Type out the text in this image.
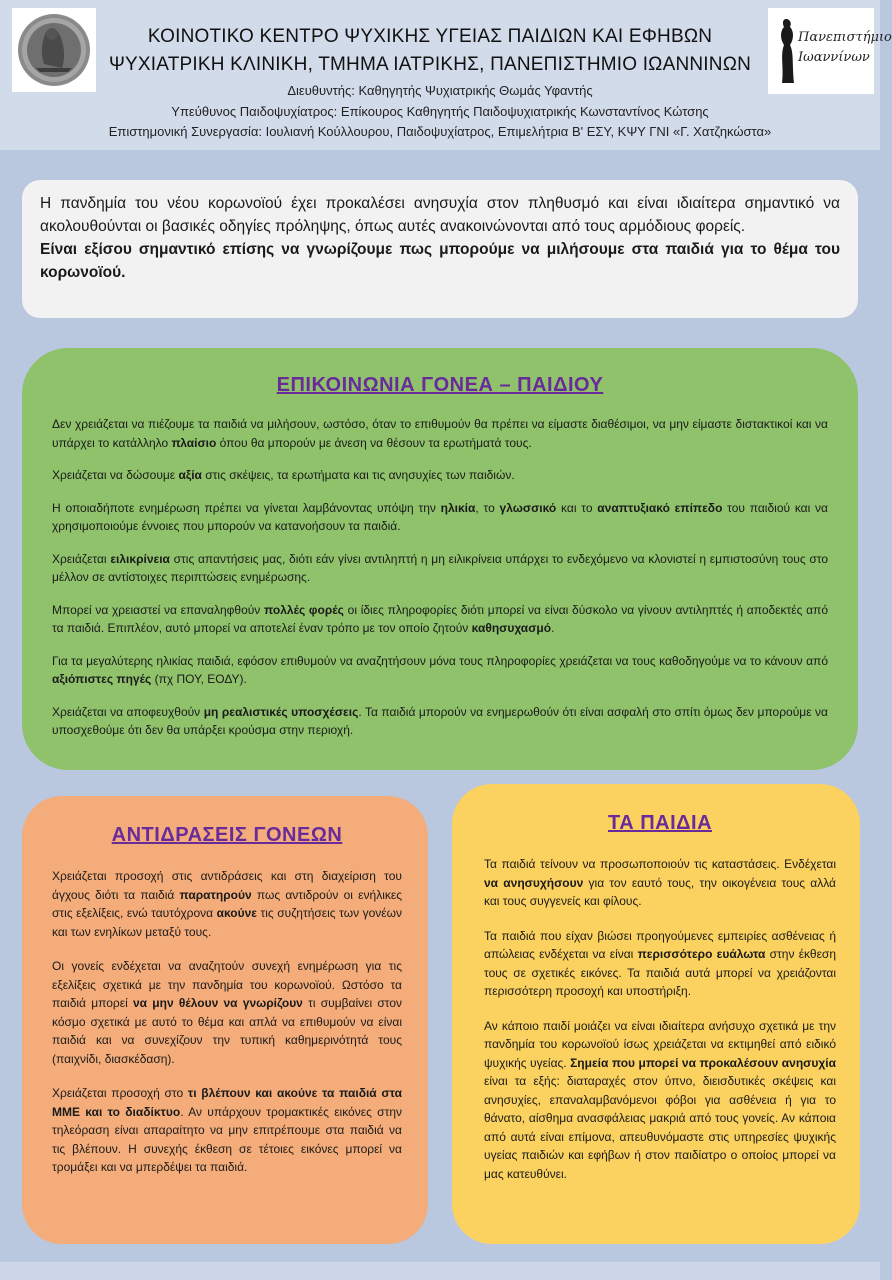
ΚΟΙΝΟΤΙΚΟ ΚΕΝΤΡΟ ΨΥΧΙΚΗΣ ΥΓΕΙΑΣ ΠΑΙΔΙΩΝ ΚΑΙ ΕΦΗΒΩΝ
ΨΥΧΙΑΤΡΙΚΗ ΚΛΙΝΙΚΗ, ΤΜΗΜΑ ΙΑΤΡΙΚΗΣ, ΠΑΝΕΠΙΣΤΗΜΙΟ ΙΩΑΝΝΙΝΩΝ
Διευθυντής: Καθηγητής Ψυχιατρικής Θωμάς Υφαντής
Υπεύθυνος Παιδοψυχίατρος: Επίκουρος Καθηγητής Παιδοψυχιατρικής Κωνσταντίνος Κώτσης
Επιστημονική Συνεργασία: Ιουλιανή Κούλλουρου, Παιδοψυχίατρος, Επιμελήτρια Β' ΕΣΥ, ΚΨΥ ΓΝΙ «Γ. Χατζηκώστα»
Πανεπιστήμιο
Ιωαννίνων

Η πανδημία του νέου κορωνοϊού έχει προκαλέσει ανησυχία στον πληθυσμό και είναι ιδιαίτερα σημαντικό να ακολουθούνται οι βασικές οδηγίες πρόληψης, όπως αυτές ανακοινώνονται από τους αρμόδιους φορείς.

Είναι εξίσου σημαντικό επίσης να γνωρίζουμε πως μπορούμε να μιλήσουμε στα παιδιά για το θέμα του κορωνοϊού.

ΕΠΙΚΟΙΝΩΝΙΑ ΓΟΝΕΑ – ΠΑΙΔΙΟΥ

Δεν χρειάζεται να πιέζουμε τα παιδιά να μιλήσουν, ωστόσο, όταν το επιθυμούν θα πρέπει να είμαστε διαθέσιμοι, να μην είμαστε διστακτικοί και να υπάρχει το κατάλληλο πλαίσιο όπου θα μπορούν με άνεση να θέσουν τα ερωτήματά τους.

Χρειάζεται να δώσουμε αξία στις σκέψεις, τα ερωτήματα και τις ανησυχίες των παιδιών.

Η οποιαδήποτε ενημέρωση πρέπει να γίνεται λαμβάνοντας υπόψη την ηλικία, το γλωσσικό και το αναπτυξιακό επίπεδο του παιδιού και να χρησιμοποιούμε έννοιες που μπορούν να κατανοήσουν τα παιδιά.

Χρειάζεται ειλικρίνεια στις απαντήσεις μας, διότι εάν γίνει αντιληπτή η μη ειλικρίνεια υπάρχει το ενδεχόμενο να κλονιστεί η εμπιστοσύνη τους στο μέλλον σε αντίστοιχες περιπτώσεις ενημέρωσης.

Μπορεί να χρειαστεί να επαναληφθούν πολλές φορές οι ίδιες πληροφορίες διότι μπορεί να είναι δύσκολο να γίνουν αντιληπτές ή αποδεκτές από τα παιδιά. Επιπλέον, αυτό μπορεί να αποτελεί έναν τρόπο με τον οποίο ζητούν καθησυχασμό.

Για τα μεγαλύτερης ηλικίας παιδιά, εφόσον επιθυμούν να αναζητήσουν μόνα τους πληροφορίες χρειάζεται να τους καθοδηγούμε να το κάνουν από αξιόπιστες πηγές (πχ ΠΟΥ, ΕΟΔΥ).

Χρειάζεται να αποφευχθούν μη ρεαλιστικές υποσχέσεις. Τα παιδιά μπορούν να ενημερωθούν ότι είναι ασφαλή στο σπίτι όμως δεν μπορούμε να υποσχεθούμε ότι δεν θα υπάρξει κρούσμα στην περιοχή.

ΑΝΤΙΔΡΑΣΕΙΣ ΓΟΝΕΩΝ

Χρειάζεται προσοχή στις αντιδράσεις και στη διαχείριση του άγχους διότι τα παιδιά παρατηρούν πως αντιδρούν οι ενήλικες στις εξελίξεις, ενώ ταυτόχρονα ακούνε τις συζητήσεις των γονέων και των ενηλίκων μεταξύ τους.

Οι γονείς ενδέχεται να αναζητούν συνεχή ενημέρωση για τις εξελίξεις σχετικά με την πανδημία του κορωνοϊού. Ωστόσο τα παιδιά μπορεί να μην θέλουν να γνωρίζουν τι συμβαίνει στον κόσμο σχετικά με αυτό το θέμα και απλά να επιθυμούν να είναι παιδιά και να συνεχίζουν την τυπική καθημερινότητά τους (παιχνίδι, διασκέδαση).

Χρειάζεται προσοχή στο τι βλέπουν και ακούνε τα παιδιά στα ΜΜΕ και το διαδίκτυο. Αν υπάρχουν τρομακτικές εικόνες στην τηλεόραση είναι απαραίτητο να μην επιτρέπουμε στα παιδιά να τις βλέπουν. Η συνεχής έκθεση σε τέτοιες εικόνες μπορεί να τρομάξει και να μπερδέψει τα παιδιά.

ΤΑ ΠΑΙΔΙΑ

Τα παιδιά τείνουν να προσωποποιούν τις καταστάσεις. Ενδέχεται να ανησυχήσουν για τον εαυτό τους, την οικογένεια τους αλλά και τους συγγενείς και φίλους.

Τα παιδιά που είχαν βιώσει προηγούμενες εμπειρίες ασθένειας ή απώλειας ενδέχεται να είναι περισσότερο ευάλωτα στην έκθεση τους σε σχετικές εικόνες. Τα παιδιά αυτά μπορεί να χρειάζονται περισσότερη προσοχή και υποστήριξη.

Αν κάποιο παιδί μοιάζει να είναι ιδιαίτερα ανήσυχο σχετικά με την πανδημία του κορωνοϊού ίσως χρειάζεται να εκτιμηθεί από ειδικό ψυχικής υγείας. Σημεία που μπορεί να προκαλέσουν ανησυχία είναι τα εξής: διαταραχές στον ύπνο, διεισδυτικές σκέψεις και ανησυχίες, επαναλαμβανόμενοι φόβοι για ασθένεια ή για το θάνατο, αίσθημα ανασφάλειας μακριά από τους γονείς. Αν κάποια από αυτά είναι επίμονα, απευθυνόμαστε στις υπηρεσίες ψυχικής υγείας παιδιών και εφήβων ή στον παιδίατρο ο οποίος μπορεί να μας κατευθύνει.
